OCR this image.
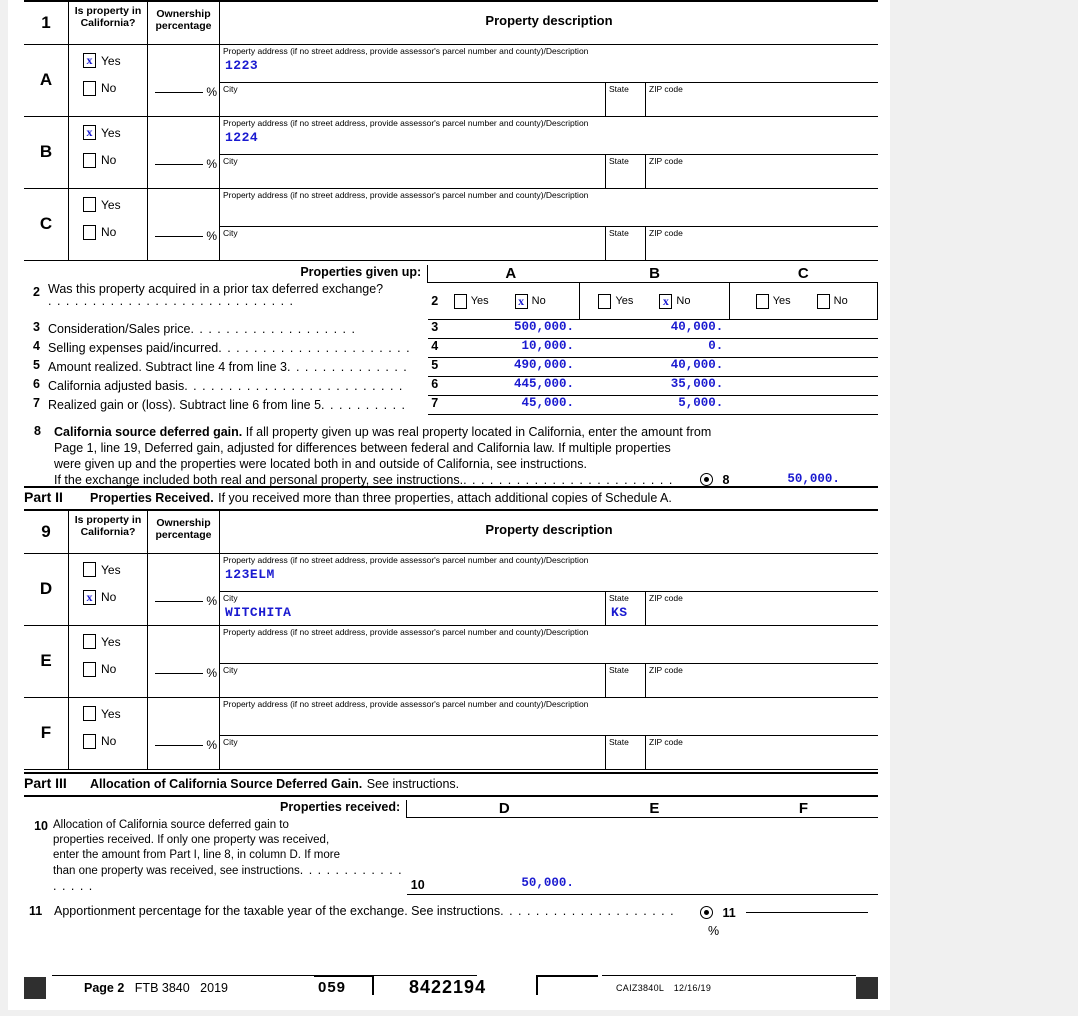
1	Is property in California?	Ownership percentage	Property description

A

x Yes
No	%

Property address (if no street address, provide assessor's parcel number and county)/Description
1223
City	State ZIP code

B

x Yes
No	%

Property address (if no street address, provide assessor's parcel number and county)/Description
1224
City	State ZIP code

C

Yes
No	%

Property address (if no street address, provide assessor's parcel number and county)/Description
City	State ZIP code
Properties given up:		A	B	C

2	Was this property acquired in a prior tax deferred exchange?
. . . . . . . . . . . . . . . . . . . . . . . . . . . .
		2	Yes x No	Yes x No	Yes	No

3	Consideration/Sales price. . . . . . . . . . . . . . . . . . .
		3	500,000.	40,000.	

4	Selling expenses paid/incurred. . . . . . . . . . . . . . . . . . . . . .
	4	10,000.	0.	

5	Amount realized. Subtract line 4 from line 3. . . . . . . . . . . . . .
	5	490,000.	40,000.	

6	California adjusted basis. . . . . . . . . . . . . . . . . . . . . . . . .
	6	445,000.	35,000.	

7	Realized gain or (loss). Subtract line 6 from line 5. . . . . . . . . .
	7	45,000.	5,000.	
8 California source deferred gain. If all property given up was real property located in California, enter the amount from
Page 1, line 19, Deferred gain, adjusted for differences between federal and California law. If multiple properties
were given up and the properties were located both in and outside of California, see instructions.
If the exchange included both real and personal property, see instructions.. . . . . . . . . . . . . . . . . . . . . . . .	8	50,000.
Part II Properties Received. If you received more than three properties, attach additional copies of Schedule A.
9	Is property in California?	Ownership percentage	Property description

D

Yes
x No	%

Property address (if no street address, provide assessor's parcel number and county)/Description
123ELM
City
WITCHITA
State
KS
ZIP code

E

Yes
No	%

Property address (if no street address, provide assessor's parcel number and county)/Description
City	State ZIP code

F

Yes
No	%

Property address (if no street address, provide assessor's parcel number and county)/Description
City	State ZIP code
Part III Allocation of California Source Deferred Gain. See instructions.
Properties received:		D	E	F

10	Allocation of California source deferred gain to
properties received. If only one property was received,
enter the amount from Part I, line 8, in column D. If more
than one property was received, see instructions. . . . . . . . . . . . . . . . .
		10	50,000.		
11 Apportionment percentage for the taxable year of the exchange. See instructions. . . . . . . . . . . . . . . . . . . .	11  %
Page 2 FTB 3840 2019	059	8422194	CAIZ3840L 12/16/19
